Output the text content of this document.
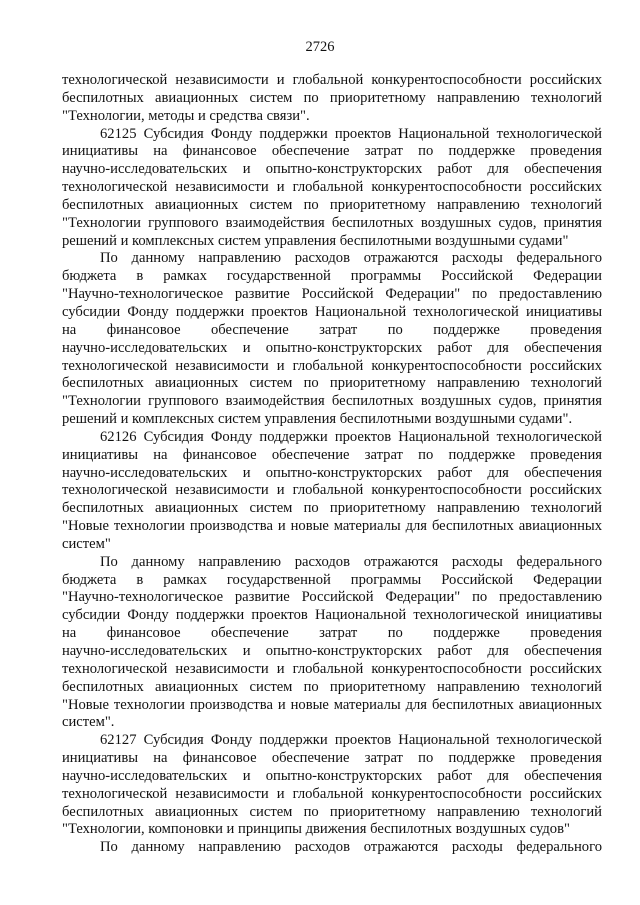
2726
технологической независимости и глобальной конкурентоспособности российских
беспилотных авиационных систем по приоритетному направлению технологий
"Технологии, методы и средства связи".
62125 Субсидия Фонду поддержки проектов Национальной технологической
инициативы на финансовое обеспечение затрат по поддержке проведения
научно-исследовательских и опытно-конструкторских работ для обеспечения
технологической независимости и глобальной конкурентоспособности российских
беспилотных авиационных систем по приоритетному направлению технологий
"Технологии группового взаимодействия беспилотных воздушных судов, принятия
решений и комплексных систем управления беспилотными воздушными судами"
По данному направлению расходов отражаются расходы федерального
бюджета в рамках государственной программы Российской Федерации
"Научно-технологическое развитие Российской Федерации" по предоставлению
субсидии Фонду поддержки проектов Национальной технологической инициативы
на финансовое обеспечение затрат по поддержке проведения
научно-исследовательских и опытно-конструкторских работ для обеспечения
технологической независимости и глобальной конкурентоспособности российских
беспилотных авиационных систем по приоритетному направлению технологий
"Технологии группового взаимодействия беспилотных воздушных судов, принятия
решений и комплексных систем управления беспилотными воздушными судами".
62126 Субсидия Фонду поддержки проектов Национальной технологической
инициативы на финансовое обеспечение затрат по поддержке проведения
научно-исследовательских и опытно-конструкторских работ для обеспечения
технологической независимости и глобальной конкурентоспособности российских
беспилотных авиационных систем по приоритетному направлению технологий
"Новые технологии производства и новые материалы для беспилотных авиационных
систем"
По данному направлению расходов отражаются расходы федерального
бюджета в рамках государственной программы Российской Федерации
"Научно-технологическое развитие Российской Федерации" по предоставлению
субсидии Фонду поддержки проектов Национальной технологической инициативы
на финансовое обеспечение затрат по поддержке проведения
научно-исследовательских и опытно-конструкторских работ для обеспечения
технологической независимости и глобальной конкурентоспособности российских
беспилотных авиационных систем по приоритетному направлению технологий
"Новые технологии производства и новые материалы для беспилотных авиационных
систем".
62127 Субсидия Фонду поддержки проектов Национальной технологической
инициативы на финансовое обеспечение затрат по поддержке проведения
научно-исследовательских и опытно-конструкторских работ для обеспечения
технологической независимости и глобальной конкурентоспособности российских
беспилотных авиационных систем по приоритетному направлению технологий
"Технологии, компоновки и принципы движения беспилотных воздушных судов"
По данному направлению расходов отражаются расходы федерального
